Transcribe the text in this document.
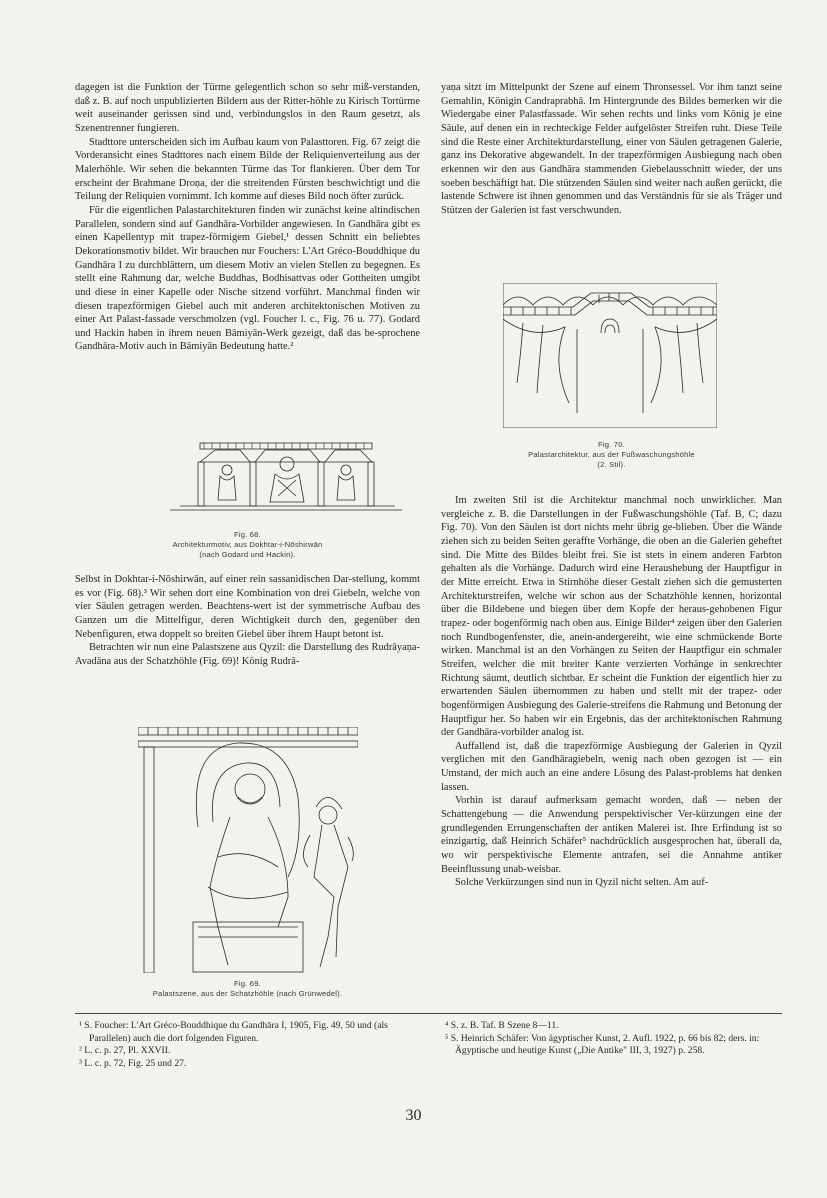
dagegen ist die Funktion der Türme gelegentlich schon so sehr miß-verstanden, daß z. B. auf noch unpublizierten Bildern aus der Ritter-höhle zu Kirisch Tortürme weit auseinander gerissen sind und, verbindungslos in den Raum gesetzt, als Szenentrenner fungieren.

Stadttore unterscheiden sich im Aufbau kaum von Palasttoren. Fig. 67 zeigt die Vorderansicht eines Stadttores nach einem Bilde der Reliquienverteilung aus der Malerhöhle. Wir sehen die bekannten Türme das Tor flankieren. Über dem Tor erscheint der Brahmane Droṇa, der die streitenden Fürsten beschwichtigt und die Teilung der Reliquien vornimmt. Ich komme auf dieses Bild noch öfter zurück.

Für die eigentlichen Palastarchitekturen finden wir zunächst keine altindischen Parallelen, sondern sind auf Gandhāra-Vorbilder angewiesen. In Gandhāra gibt es einen Kapellentyp mit trapez-förmigem Giebel,¹ dessen Schnitt ein beliebtes Dekorationsmotiv bildet. Wir brauchen nur Fouchers: L'Art Gréco-Bouddhique du Gandhāra I zu durchblättern, um diesem Motiv an vielen Stellen zu begegnen. Es stellt eine Rahmung dar, welche Buddhas, Bodhisattvas oder Gottheiten umgibt und diese in einer Kapelle oder Nische sitzend vorführt. Manchmal finden wir diesen trapezförmigen Giebel auch mit anderen architektonischen Motiven zu einer Art Palast-fassade verschmolzen (vgl. Foucher l. c., Fig. 76 u. 77). Godard und Hackin haben in ihrem neuen Bāmiyān-Werk gezeigt, daß das be-sprochene Gandhāra-Motiv auch in Bāmiyān Bedeutung hatte.²

Fig. 68.
Architekturmotiv, aus Dokhtar-i-Nōshirwān
(nach Godard und Hackin).

Selbst in Dokhtar-i-Nōshirwān, auf einer rein sassanidischen Dar-stellung, kommt es vor (Fig. 68).³ Wir sehen dort eine Kombination von drei Giebeln, welche von vier Säulen getragen werden. Beachtens-wert ist der symmetrische Aufbau des Ganzen um die Mittelfigur, deren Wichtigkeit durch den, gegenüber den Nebenfiguren, etwa doppelt so breiten Giebel über ihrem Haupt betont ist.

Betrachten wir nun eine Palastszene aus Qyzil: die Darstellung des Rudrāyaṇa-Avadāna aus der Schatzhöhle (Fig. 69)! König Rudrā-

Fig. 69.
Palastszene, aus der Schatzhöhle (nach Grünwedel).

yaṇa sitzt im Mittelpunkt der Szene auf einem Thronsessel. Vor ihm tanzt seine Gemahlin, Königin Candraprabhā. Im Hintergrunde des Bildes bemerken wir die Wiedergabe einer Palastfassade. Wir sehen rechts und links vom König je eine Säule, auf denen ein in rechteckige Felder aufgelöster Streifen ruht. Diese Teile sind die Reste einer Architekturdarstellung, einer von Säulen getragenen Galerie, ganz ins Dekorative abgewandelt. In der trapezförmigen Ausbiegung nach oben erkennen wir den aus Gandhāra stammenden Giebelausschnitt wieder, der uns soeben beschäftigt hat. Die stützenden Säulen sind weiter nach außen gerückt, die lastende Schwere ist ihnen genommen und das Verständnis für sie als Träger und Stützen der Galerien ist fast verschwunden.

Fig. 70.
Palastarchitektur, aus der Fußwaschungshöhle
(2. Stil).

Im zweiten Stil ist die Architektur manchmal noch unwirklicher. Man vergleiche z. B. die Darstellungen in der Fußwaschungshöhle (Taf. B, C; dazu Fig. 70). Von den Säulen ist dort nichts mehr übrig ge-blieben. Über die Wände ziehen sich zu beiden Seiten geraffte Vorhänge, die oben an die Galerien geheftet sind. Die Mitte des Bildes bleibt frei. Sie ist stets in einem anderen Farbton gehalten als die Vorhänge. Dadurch wird eine Heraushebung der Hauptfigur in der Mitte erreicht. Etwa in Stirnhöhe dieser Gestalt ziehen sich die gemusterten Architekturstreifen, welche wir schon aus der Schatzhöhle kennen, horizontal über die Bildebene und biegen über dem Kopfe der heraus-gehobenen Figur trapez- oder bogenförmig nach oben aus. Einige Bilder⁴ zeigen über den Galerien noch Rundbogenfenster, die, anein-andergereiht, wie eine schmückende Borte wirken. Manchmal ist an den Vorhängen zu Seiten der Hauptfigur ein schmaler Streifen, welcher die mit breiter Kante verzierten Vorhänge in senkrechter Richtung säumt, deutlich sichtbar. Er scheint die Funktion der eigentlich hier zu erwartenden Säulen übernommen zu haben und stellt mit der trapez- oder bogenförmigen Ausbiegung des Galerie-streifens die Rahmung und Betonung der Hauptfigur her. So haben wir ein Ergebnis, das der architektonischen Rahmung der Gandhāra-vorbilder analog ist.

Auffallend ist, daß die trapezförmige Ausbiegung der Galerien in Qyzil verglichen mit den Gandhāragiebeln, wenig nach oben gezogen ist — ein Umstand, der mich auch an eine andere Lösung des Palast-problems hat denken lassen.

Vorhin ist darauf aufmerksam gemacht worden, daß — neben der Schattengebung — die Anwendung perspektivischer Ver-kürzungen eine der grundlegenden Errungenschaften der antiken Malerei ist. Ihre Erfindung ist so einzigartig, daß Heinrich Schäfer⁵ nachdrücklich ausgesprochen hat, überall da, wo wir perspektivische Elemente antrafen, sei die Annahme antiker Beeinflussung unab-weisbar.

Solche Verkürzungen sind nun in Qyzil nicht selten. Am auf-

¹ S. Foucher: L'Art Gréco-Bouddhique du Gandhāra I, 1905, Fig. 49, 50 und (als Parallelen) auch die dort folgenden Figuren.

² L. c. p. 27, Pl. XXVII.

³ L. c. p. 72, Fig. 25 und 27.

⁴ S. z. B. Taf. B Szene 8—11.

⁵ S. Heinrich Schäfer: Von ägyptischer Kunst, 2. Aufl. 1922, p. 66 bis 82; ders. in: Ägyptische und heutige Kunst („Die Antike" III, 3, 1927) p. 258.

30
